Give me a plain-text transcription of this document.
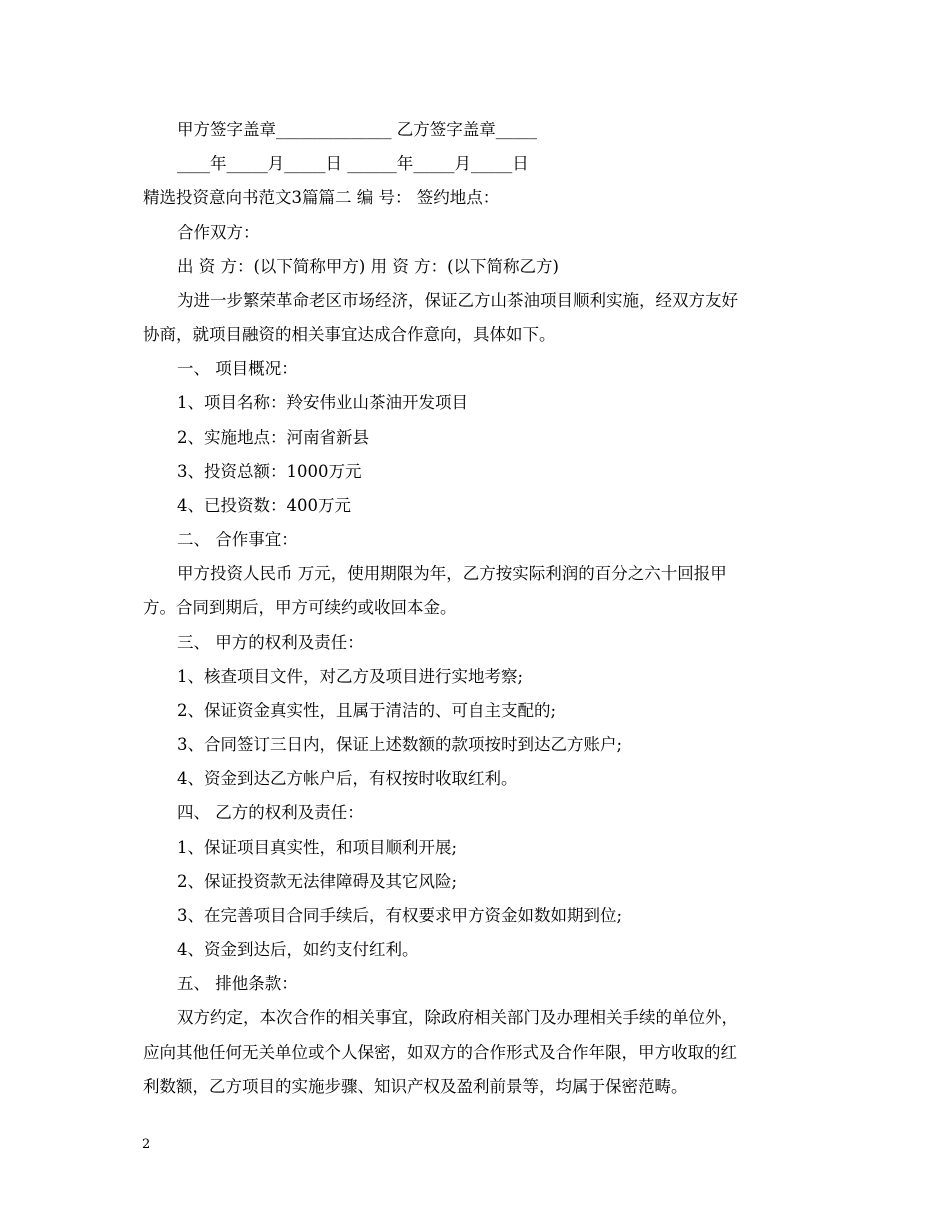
甲方签字盖章______________ 乙方签字盖章_____
____年_____月_____日 ______年_____月_____日
精选投资意向书范文3篇篇二 编 号： 签约地点：
合作双方：
出 资 方：(以下简称甲方) 用 资 方：(以下简称乙方)
为进一步繁荣革命老区市场经济，保证乙方山茶油项目顺利实施，经双方友好
协商，就项目融资的相关事宜达成合作意向，具体如下。
一、 项目概况：
1、项目名称：羚安伟业山茶油开发项目
2、实施地点：河南省新县
3、投资总额：1000万元
4、已投资数：400万元
二、 合作事宜：
甲方投资人民币 万元，使用期限为年，乙方按实际利润的百分之六十回报甲
方。合同到期后，甲方可续约或收回本金。
三、 甲方的权利及责任：
1、核查项目文件，对乙方及项目进行实地考察;
2、保证资金真实性，且属于清洁的、可自主支配的;
3、合同签订三日内，保证上述数额的款项按时到达乙方账户;
4、资金到达乙方帐户后，有权按时收取红利。
四、 乙方的权利及责任：
1、保证项目真实性，和项目顺利开展;
2、保证投资款无法律障碍及其它风险;
3、在完善项目合同手续后，有权要求甲方资金如数如期到位;
4、资金到达后，如约支付红利。
五、 排他条款：
双方约定，本次合作的相关事宜，除政府相关部门及办理相关手续的单位外，
应向其他任何无关单位或个人保密，如双方的合作形式及合作年限，甲方收取的红
利数额，乙方项目的实施步骤、知识产权及盈利前景等，均属于保密范畴。
2
